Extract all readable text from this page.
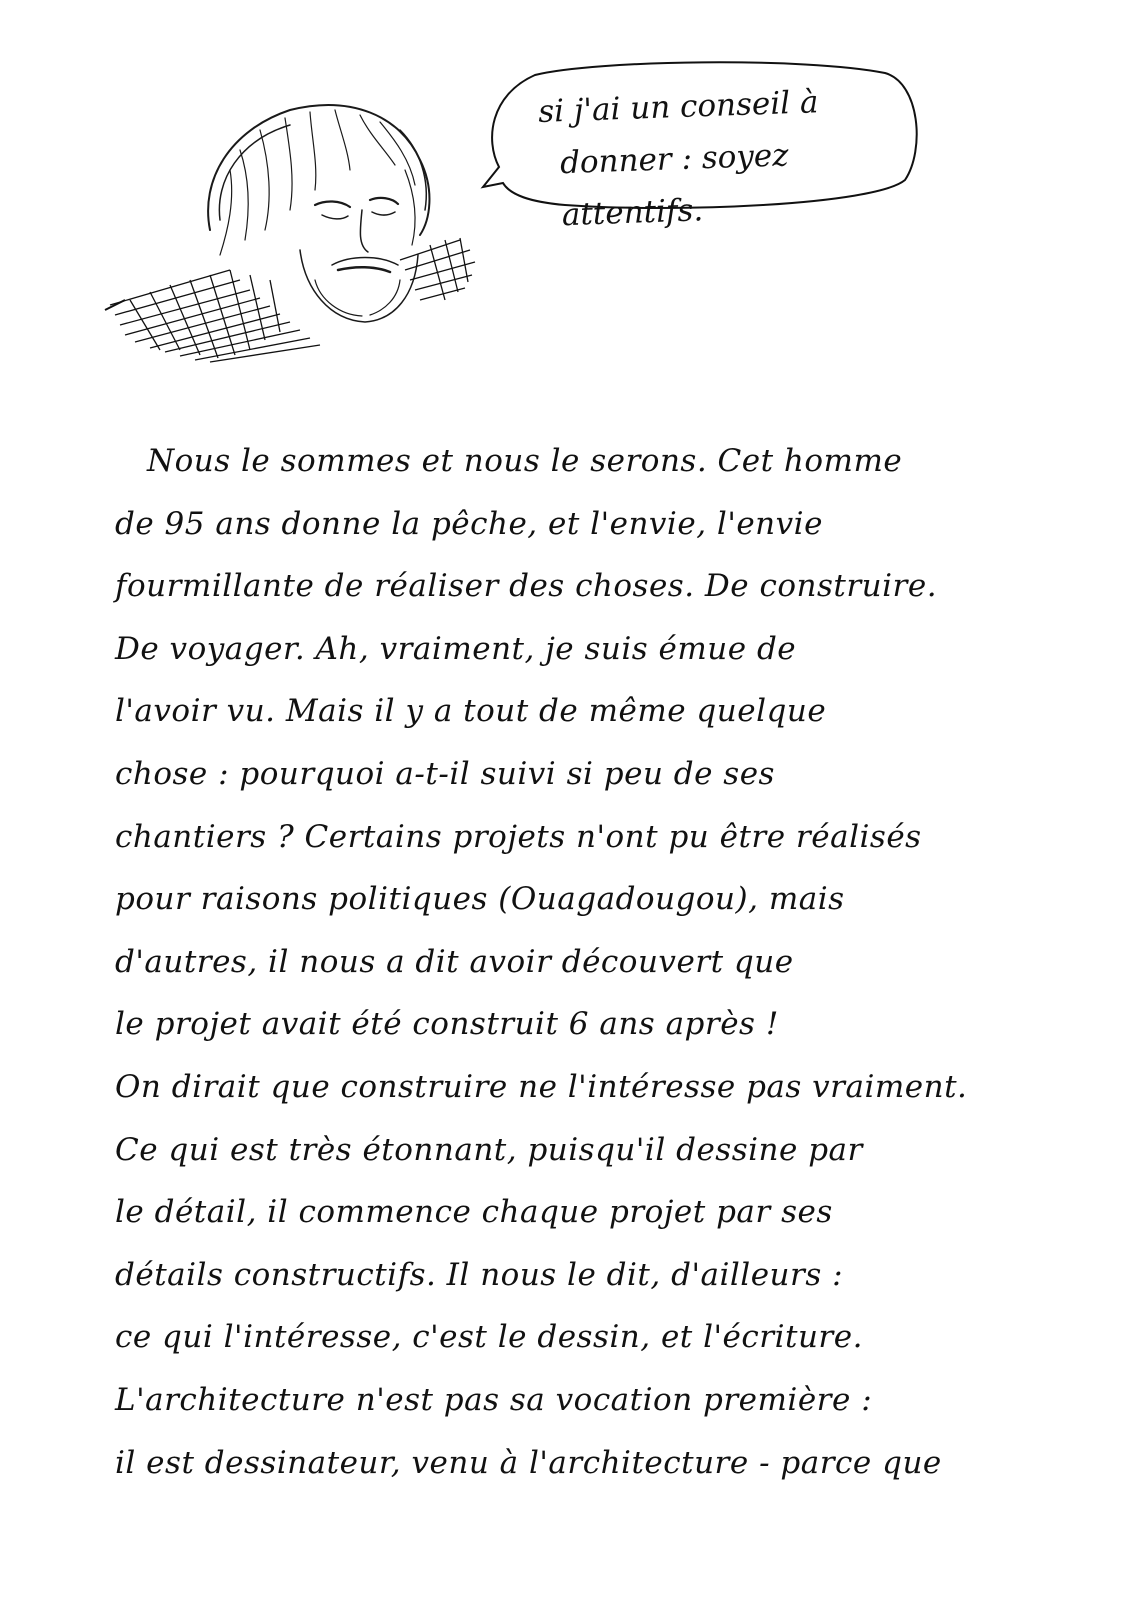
si j'ai un conseil à
donner : soyez attentifs.
Nous le sommes et nous le serons. Cet homme
de 95 ans donne la pêche, et l'envie, l'envie
fourmillante de réaliser des choses. De construire.
De voyager. Ah, vraiment, je suis émue de
l'avoir vu. Mais il y a tout de même quelque
chose : pourquoi a-t-il suivi si peu de ses
chantiers ? Certains projets n'ont pu être réalisés
pour raisons politiques (Ouagadougou), mais
d'autres, il nous a dit avoir découvert que
le projet avait été construit 6 ans après !
On dirait que construire ne l'intéresse pas vraiment.
Ce qui est très étonnant, puisqu'il dessine par
le détail, il commence chaque projet par ses
détails constructifs. Il nous le dit, d'ailleurs :
ce qui l'intéresse, c'est le dessin, et l'écriture.
L'architecture n'est pas sa vocation première :
il est dessinateur, venu à l'architecture - parce que
